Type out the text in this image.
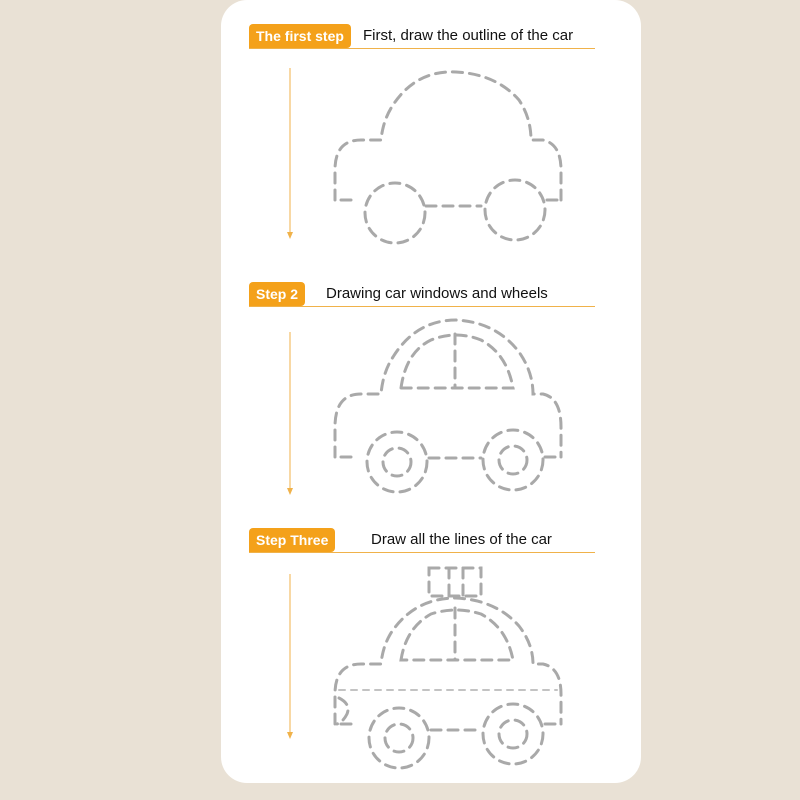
The first step	First, draw the outline of the car
Step 2	Drawing car windows and wheels
Step Three	Draw all the lines of the car
